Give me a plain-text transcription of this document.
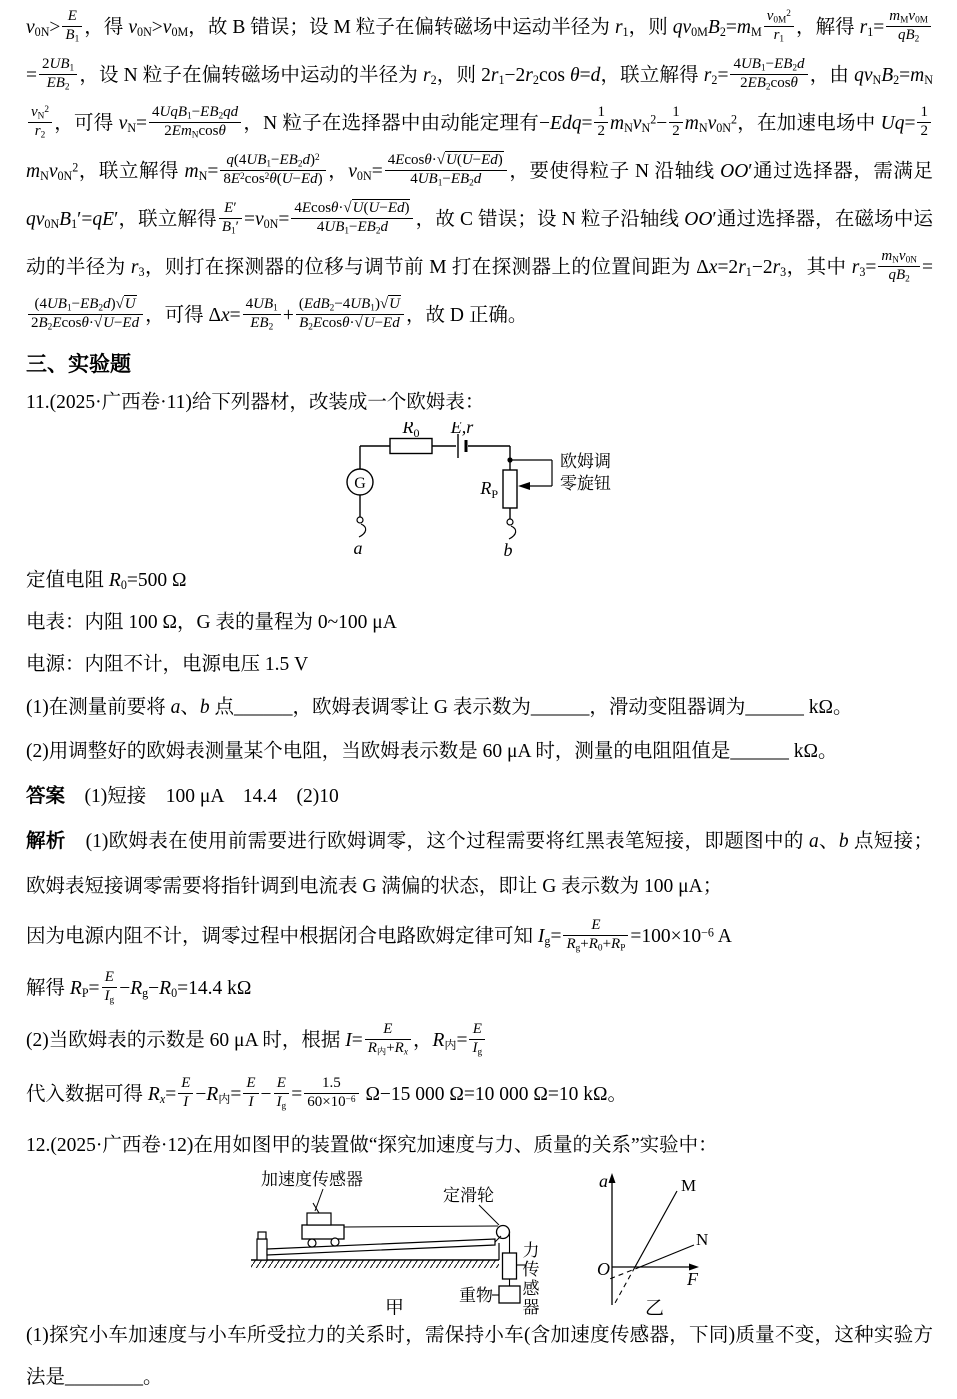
$v_{0N}> \frac{E}{B_1}$ ，得 $v_{0N}>v_{0M}$，故 B 错误；设 M 粒子在偏转磁场中运动半径为 $r_1$，则 $qv_{0M}B_2=m_M \frac{v_{0M}^2}{r_1}$ ，解得 $r_1= \frac{m_Mv_{0M}}{qB_2}$
= $\frac{2UB_1}{EB_2}$ ，设 N 粒子在偏转磁场中运动的半径为 $r_2$，则 $2r_1-2r_2\cos$ θ=d，联立解得 $r_2= \frac{4UB_1-EB_2d}{2EB_2\cos\theta}$ ，由 $qv_NB_2=m_N$
$\frac{v_N^2}{r_2}$ ，可得 $v_N= \frac{4UqB_1-EB_2qd}{2Em_N\cos\theta}$ ，N 粒子在选择器中由动能定理有$-Edq= \frac{1}{2} m_Nv_N^2- \frac{1}{2} m_Nv_{0N}^2$，在加速电场中 $Uq= \frac{1}{2}$
$m_Nv_{0N}^2$，联立解得 $m_N= \frac{q(4UB_1-EB_2d)^2}{8E^2\cos^2\theta(U-Ed)}$ ，$v_{0N}= \frac{4Ecos\theta\cdot√U(U-Ed)}{4UB_1-EB_2d}$ ，要使得粒子 N 沿轴线 OO′通过选择器，需满足 $qv_{0N}B_1'=qE'$，联立解得 $\frac{E'}{B_1'} =v_{0N}= \frac{4Ecos\theta\cdot√U(U-Ed)}{4UB_1-EB_2d}$ ，故 C 错误；设 N 粒子沿轴线 OO′通过选择器，在磁场中运动的半径为 $r_3$，则打在探测器的位移与调节前 M 打在探测器上的位置间距为 $\Delta x=2r_1-2r_3$，其中 $r_3= \frac{m_Nv_{0N}}{qB_2}$ =
$\frac{(4UB_1-EB_2d)√U}{2B_2Ecos\theta\cdot√U-Ed}$ ，可得 $\Delta x= \frac{4UB_1}{EB_2} + \frac{(EdB_2-4UB_1)√U}{B_2Ecos\theta\cdot√U-Ed}$ ，故 D 正确。

三、实验题

11.(2025·广西卷·11)给下列器材，改装成一个欧姆表：

$R_0$ E,r
G
a
$R_P$
欧姆调
零旋钮
b

定值电阻 $R_0=500$ Ω

电表：内阻 100 Ω，G 表的量程为 0~100 μA

电源：内阻不计，电源电压 1.5 V

(1)在测量前要将 a、b 点______，欧姆表调零让 G 表示数为______，滑动变阻器调为______ kΩ。

(2)用调整好的欧姆表测量某个电阻，当欧姆表示数是 60 μA 时，测量的电阻阻值是______ kΩ。

答案　(1)短接　100 μA　14.4　(2)10

解析　(1)欧姆表在使用前需要进行欧姆调零，这个过程需要将红黑表笔短接，即题图中的 a、b 点短接；欧姆表短接调零需要将指针调到电流表 G 满偏的状态，即让 G 表示数为 100 μA；

因为电源内阻不计，调零过程中根据闭合电路欧姆定律可知 $I_g= \frac{E}{R_g+R_0+R_P} =100\times 10^{-6}$ A

解得 $R_P= \frac{E}{I_g} -R_g-R_0=14.4$ kΩ

(2)当欧姆表的示数是 60 μA 时，根据 $I= \frac{E}{R_内+R_x}$ ，$R_内= \frac{E}{I_g}$

代入数据可得 $R_x= \frac{E}{I} -R_内= \frac{E}{I} - \frac{E}{I_g} = \frac{1.5}{60\times 10^{-6}} \Omega-15$ 000 Ω=10 000 Ω=10 kΩ。

12.(2025·广西卷·12)在用如图甲的装置做“探究加速度与力、质量的关系”实验中：

加速度传感器
定滑轮
力传感器
重物
甲
a
F
O
M
N
乙

(1)探究小车加速度与小车所受拉力的关系时，需保持小车(含加速度传感器，下同)质量不变，这种实验方法是________。
